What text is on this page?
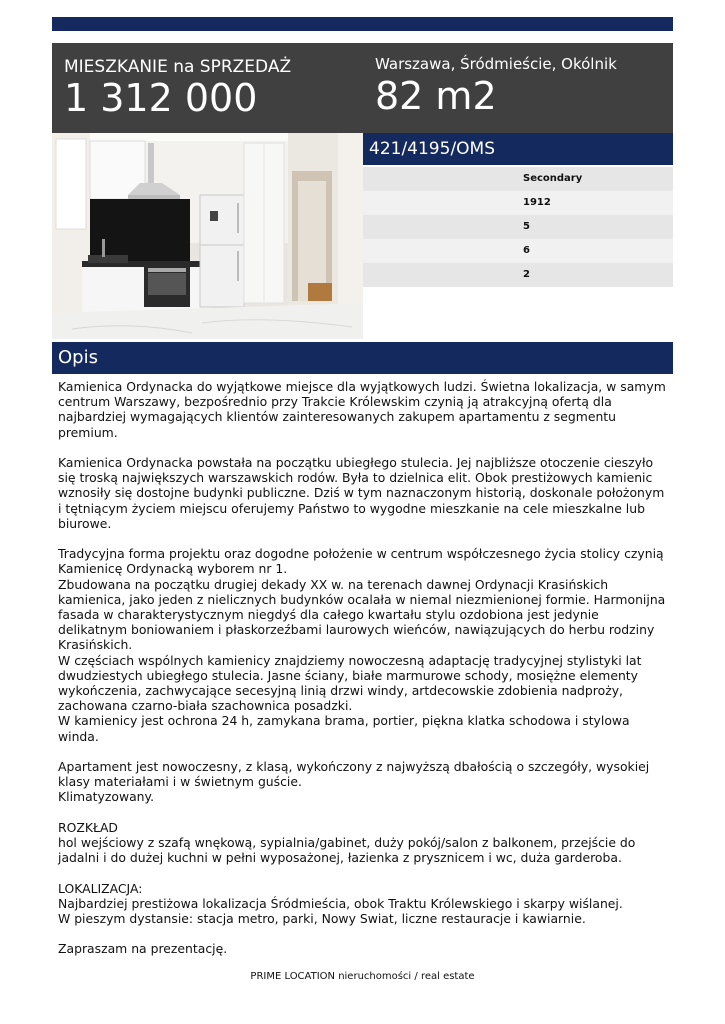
MIESZKANIE na SPRZEDAŻ
1 312 000
Warszawa, Śródmieście, Okólnik
82 m2
421/4195/OMS
Secondary
1912
5
6
2
Opis

Kamienica Ordynacka do wyjątkowe miejsce dla wyjątkowych ludzi. Świetna lokalizacja, w samym centrum Warszawy, bezpośrednio przy Trakcie Królewskim czynią ją atrakcyjną ofertą dla najbardziej wymagających klientów zainteresowanych zakupem apartamentu z segmentu premium.

Kamienica Ordynacka powstała na początku ubiegłego stulecia. Jej najbliższe otoczenie cieszyło się troską największych warszawskich rodów. Była to dzielnica elit. Obok prestiżowych kamienic wznosiły się dostojne budynki publiczne. Dziś w tym naznaczonym historią, doskonale położonym i tętniącym życiem miejscu oferujemy Państwo to wygodne mieszkanie na cele mieszkalne lub biurowe.

Tradycyjna forma projektu oraz dogodne położenie w centrum współczesnego życia stolicy czynią Kamienicę Ordynacką wyborem nr 1.
Zbudowana na początku drugiej dekady XX w. na terenach dawnej Ordynacji Krasińskich kamienica, jako jeden z nielicznych budynków ocalała w niemal niezmienionej formie. Harmonijna fasada w charakterystycznym niegdyś dla całego kwartału stylu ozdobiona jest jedynie delikatnym boniowaniem i płaskorzeźbami laurowych wieńców, nawiązujących do herbu rodziny Krasińskich.
W częściach wspólnych kamienicy znajdziemy nowoczesną adaptację tradycyjnej stylistyki lat dwudziestych ubiegłego stulecia. Jasne ściany, białe marmurowe schody, mosiężne elementy wykończenia, zachwycające secesyjną linią drzwi windy, artdecowskie zdobienia nadproży, zachowana czarno-biała szachownica posadzki.
W kamienicy jest ochrona 24 h, zamykana brama, portier, piękna klatka schodowa i stylowa winda.

Apartament jest nowoczesny, z klasą, wykończony z najwyższą dbałością o szczegóły, wysokiej klasy materiałami i w świetnym guście.
Klimatyzowany.

ROZKŁAD
hol wejściowy z szafą wnękową, sypialnia/gabinet, duży pokój/salon z balkonem, przejście do jadalni i do dużej kuchni w pełni wyposażonej, łazienka z prysznicem i wc, duża garderoba.

LOKALIZACJA:
Najbardziej prestiżowa lokalizacja Śródmieścia, obok Traktu Królewskiego i skarpy wiślanej.
W pieszym dystansie: stacja metro, parki, Nowy Swiat, liczne restauracje i kawiarnie.

Zapraszam na prezentację.

PRIME LOCATION nieruchomości / real estate
